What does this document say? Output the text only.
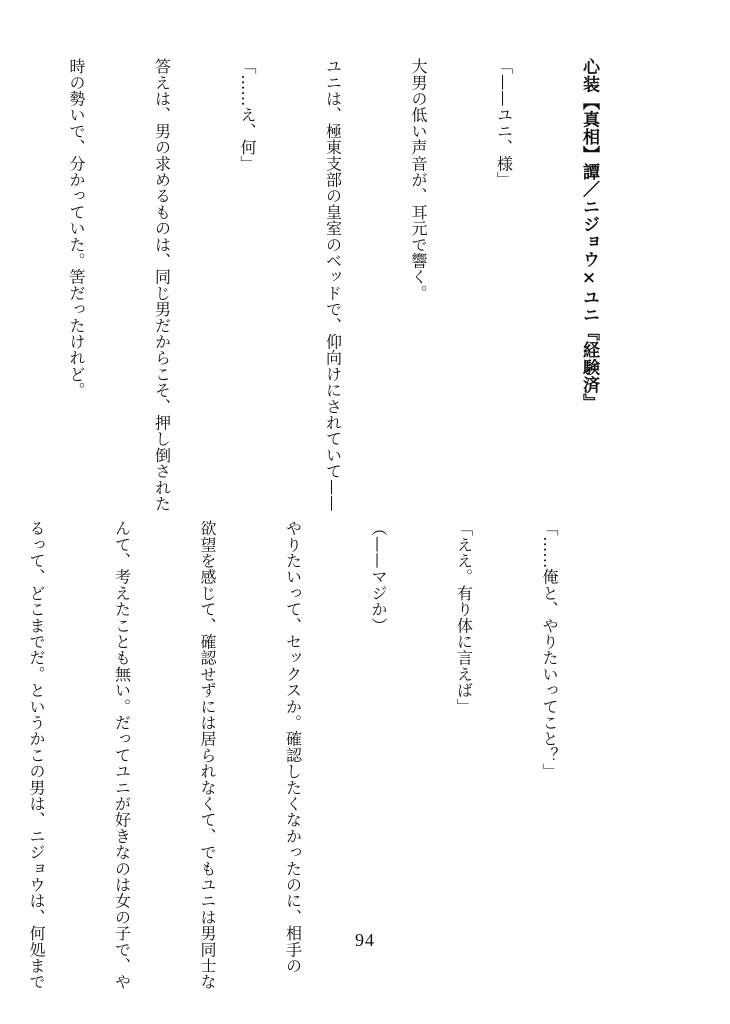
心装【真相】譚／ニジョウ×ユニ『経験済』

「——ユニ、様」

大男の低い声音が、耳元で響く。

ユニは、極東支部の皇室のベッドで、仰向けにされていて——

「……え、何」

答えは、男の求めるものは、同じ男だからこそ、押し倒された

時の勢いで、分かっていた。筈だったけれど。

「……俺と、やりたいってこと？」

「ええ。有り体に言えば」

（——マジか）

やりたいって、セックスか。確認したくなかったのに、相手の

欲望を感じて、確認せずには居られなくて、でもユニは男同士な

んて、考えたことも無い。だってユニが好きなのは女の子で、や

るって、どこまでだ。というかこの男は、ニジョウは、何処まで

	94
